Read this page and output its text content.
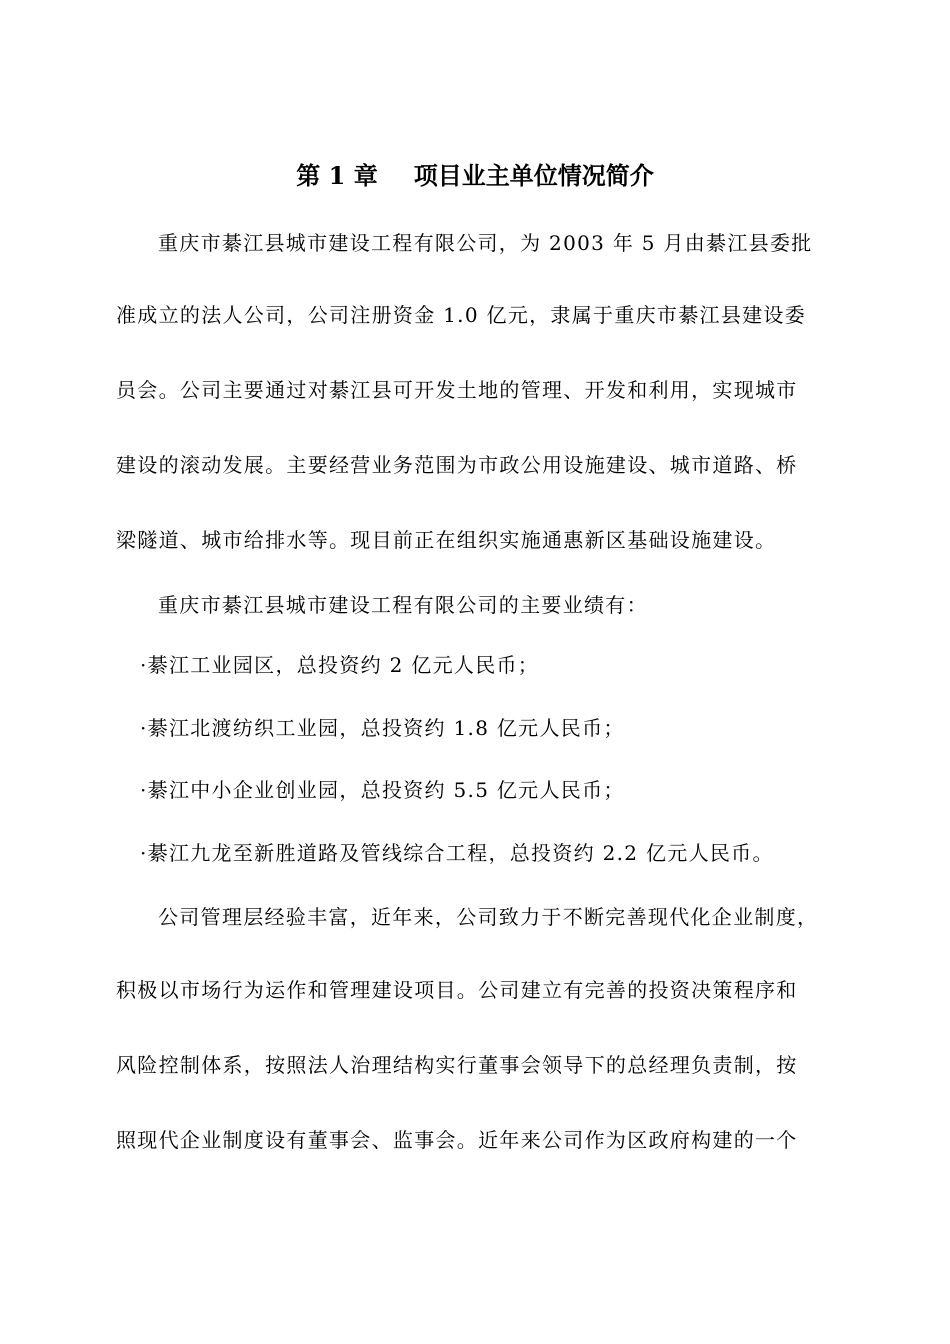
第 1 章 项目业主单位情况简介
重庆市綦江县城市建设工程有限公司，为 2003 年 5 月由綦江县委批
准成立的法人公司，公司注册资金 1.0 亿元，隶属于重庆市綦江县建设委
员会。公司主要通过对綦江县可开发土地的管理、开发和利用，实现城市
建设的滚动发展。主要经营业务范围为市政公用设施建设、城市道路、桥
梁隧道、城市给排水等。现目前正在组织实施通惠新区基础设施建设。
重庆市綦江县城市建设工程有限公司的主要业绩有：
·綦江工业园区，总投资约 2 亿元人民币；
·綦江北渡纺织工业园，总投资约 1.8 亿元人民币；
·綦江中小企业创业园，总投资约 5.5 亿元人民币；
·綦江九龙至新胜道路及管线综合工程，总投资约 2.2 亿元人民币。
公司管理层经验丰富，近年来，公司致力于不断完善现代化企业制度，
积极以市场行为运作和管理建设项目。公司建立有完善的投资决策程序和
风险控制体系，按照法人治理结构实行董事会领导下的总经理负责制，按
照现代企业制度设有董事会、监事会。近年来公司作为区政府构建的一个
